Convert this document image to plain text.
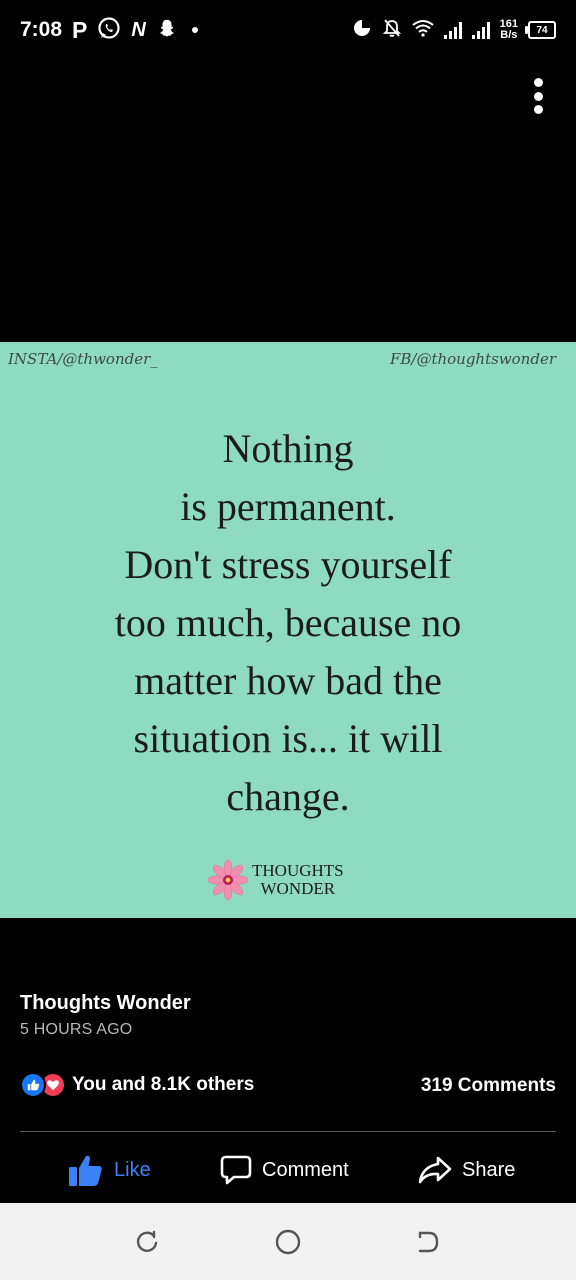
7:08 P N	161
B/s	74
INSTA/@thwonder_	FB/@thoughtswonder
Nothing
is permanent.
Don't stress yourself
too much, because no
matter how bad the
situation is... it will
change.
THOUGHTS
WONDER
Thoughts Wonder
5 HOURS AGO
You and 8.1K others	319 Comments
Like	Comment	Share
